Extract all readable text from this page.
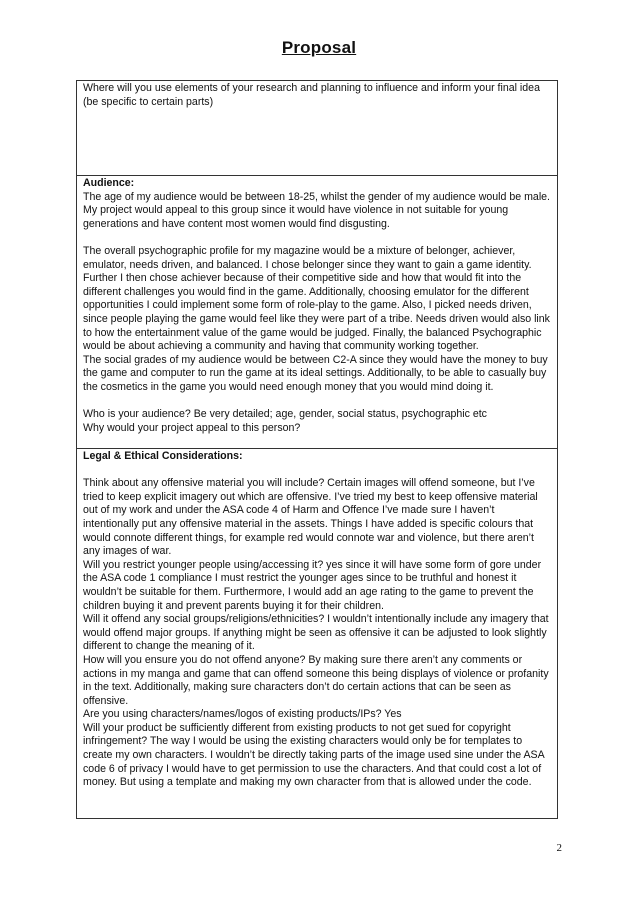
Proposal

Where will you use elements of your research and planning to influence and inform your final idea (be specific to certain parts)

Audience:

The age of my audience would be between 18-25, whilst the gender of my audience would be male. My project would appeal to this group since it would have violence in not suitable for young generations and have content most women would find disgusting.

The overall psychographic profile for my magazine would be a mixture of belonger, achiever, emulator, needs driven, and balanced. I chose belonger since they want to gain a game identity. Further I then chose achiever because of their competitive side and how that would fit into the different challenges you would find in the game. Additionally, choosing emulator for the different opportunities I could implement some form of role-play to the game. Also, I picked needs driven, since people playing the game would feel like they were part of a tribe. Needs driven would also link to how the entertainment value of the game would be judged. Finally, the balanced Psychographic would be about achieving a community and having that community working together.

The social grades of my audience would be between C2-A since they would have the money to buy the game and computer to run the game at its ideal settings. Additionally, to be able to casually buy the cosmetics in the game you would need enough money that you would mind doing it.

Who is your audience? Be very detailed; age, gender, social status, psychographic etc

Why would your project appeal to this person?

Legal & Ethical Considerations:

Think about any offensive material you will include? Certain images will offend someone, but I’ve tried to keep explicit imagery out which are offensive. I’ve tried my best to keep offensive material out of my work and under the ASA code 4 of Harm and Offence I’ve made sure I haven’t intentionally put any offensive material in the assets. Things I have added is specific colours that would connote different things, for example red would connote war and violence, but there aren’t any images of war.

Will you restrict younger people using/accessing it? yes since it will have some form of gore under the ASA code 1 compliance I must restrict the younger ages since to be truthful and honest it wouldn’t be suitable for them. Furthermore, I would add an age rating to the game to prevent the children buying it and prevent parents buying it for their children.

Will it offend any social groups/religions/ethnicities? I wouldn’t intentionally include any imagery that would offend major groups. If anything might be seen as offensive it can be adjusted to look slightly different to change the meaning of it.

How will you ensure you do not offend anyone? By making sure there aren’t any comments or actions in my manga and game that can offend someone this being displays of violence or profanity in the text. Additionally, making sure characters don’t do certain actions that can be seen as offensive.

Are you using characters/names/logos of existing products/IPs? Yes

Will your product be sufficiently different from existing products to not get sued for copyright infringement? The way I would be using the existing characters would only be for templates to create my own characters. I wouldn’t be directly taking parts of the image used sine under the ASA code 6 of privacy I would have to get permission to use the characters. And that could cost a lot of money. But using a template and making my own character from that is allowed under the code.

2
